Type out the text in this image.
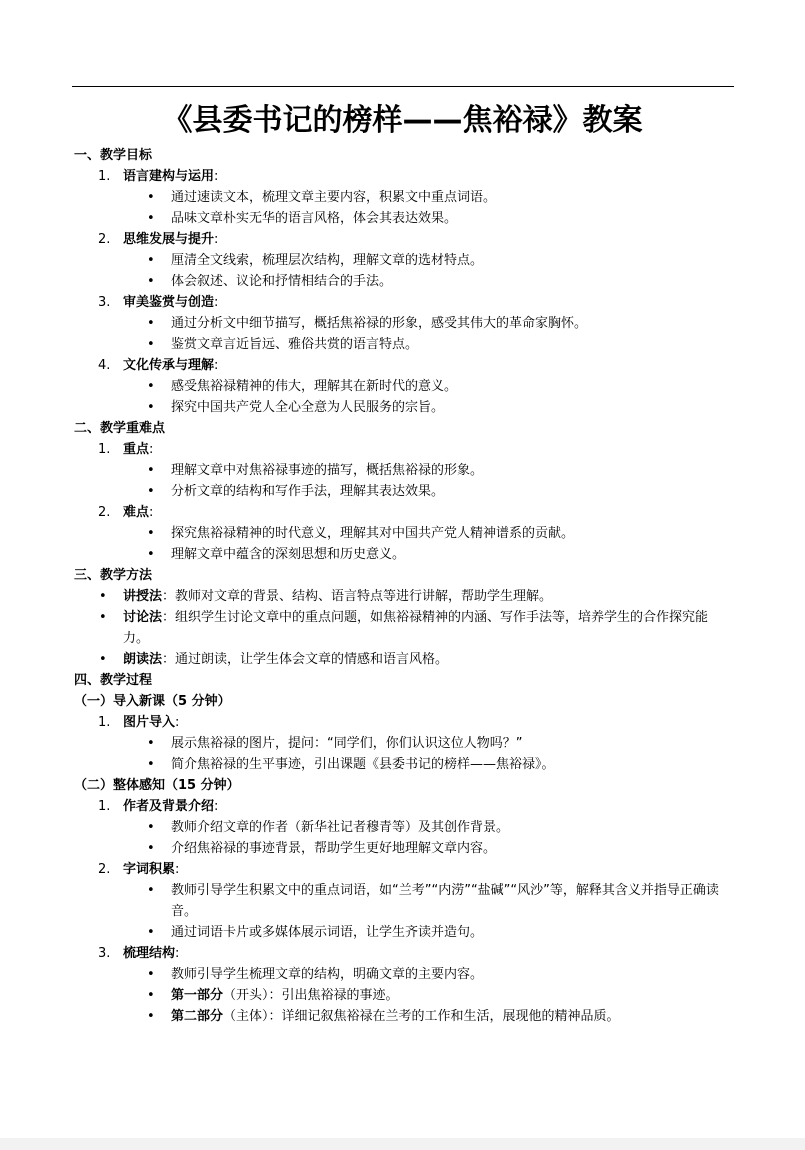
《县委书记的榜样——焦裕禄》教案
一、教学目标
1. 语言建构与运用:
• 通过速读文本，梳理文章主要内容，积累文中重点词语。
• 品味文章朴实无华的语言风格，体会其表达效果。
2. 思维发展与提升:
• 厘清全文线索，梳理层次结构，理解文章的选材特点。
• 体会叙述、议论和抒情相结合的手法。
3. 审美鉴赏与创造:
• 通过分析文中细节描写，概括焦裕禄的形象，感受其伟大的革命家胸怀。
• 鉴赏文章言近旨远、雅俗共赏的语言特点。
4. 文化传承与理解:
• 感受焦裕禄精神的伟大，理解其在新时代的意义。
• 探究中国共产党人全心全意为人民服务的宗旨。
二、教学重难点
1. 重点:
• 理解文章中对焦裕禄事迹的描写，概括焦裕禄的形象。
• 分析文章的结构和写作手法，理解其表达效果。
2. 难点:
• 探究焦裕禄精神的时代意义，理解其对中国共产党人精神谱系的贡献。
• 理解文章中蕴含的深刻思想和历史意义。
三、教学方法
• 讲授法：教师对文章的背景、结构、语言特点等进行讲解，帮助学生理解。
• 讨论法：组织学生讨论文章中的重点问题，如焦裕禄精神的内涵、写作手法等，培养学生的合作探究能力。
• 朗读法：通过朗读，让学生体会文章的情感和语言风格。
四、教学过程
（一）导入新课（5 分钟）
1. 图片导入:
• 展示焦裕禄的图片，提问：“同学们，你们认识这位人物吗？”
• 简介焦裕禄的生平事迹，引出课题《县委书记的榜样——焦裕禄》。
（二）整体感知（15 分钟）
1. 作者及背景介绍:
• 教师介绍文章的作者（新华社记者穆青等）及其创作背景。
• 介绍焦裕禄的事迹背景，帮助学生更好地理解文章内容。
2. 字词积累:
• 教师引导学生积累文中的重点词语，如“兰考”“内涝”“盐碱”“风沙”等，解释其含义并指导正确读音。
• 通过词语卡片或多媒体展示词语，让学生齐读并造句。
3. 梳理结构:
• 教师引导学生梳理文章的结构，明确文章的主要内容。
• 第一部分（开头）：引出焦裕禄的事迹。
• 第二部分（主体）：详细记叙焦裕禄在兰考的工作和生活，展现他的精神品质。
